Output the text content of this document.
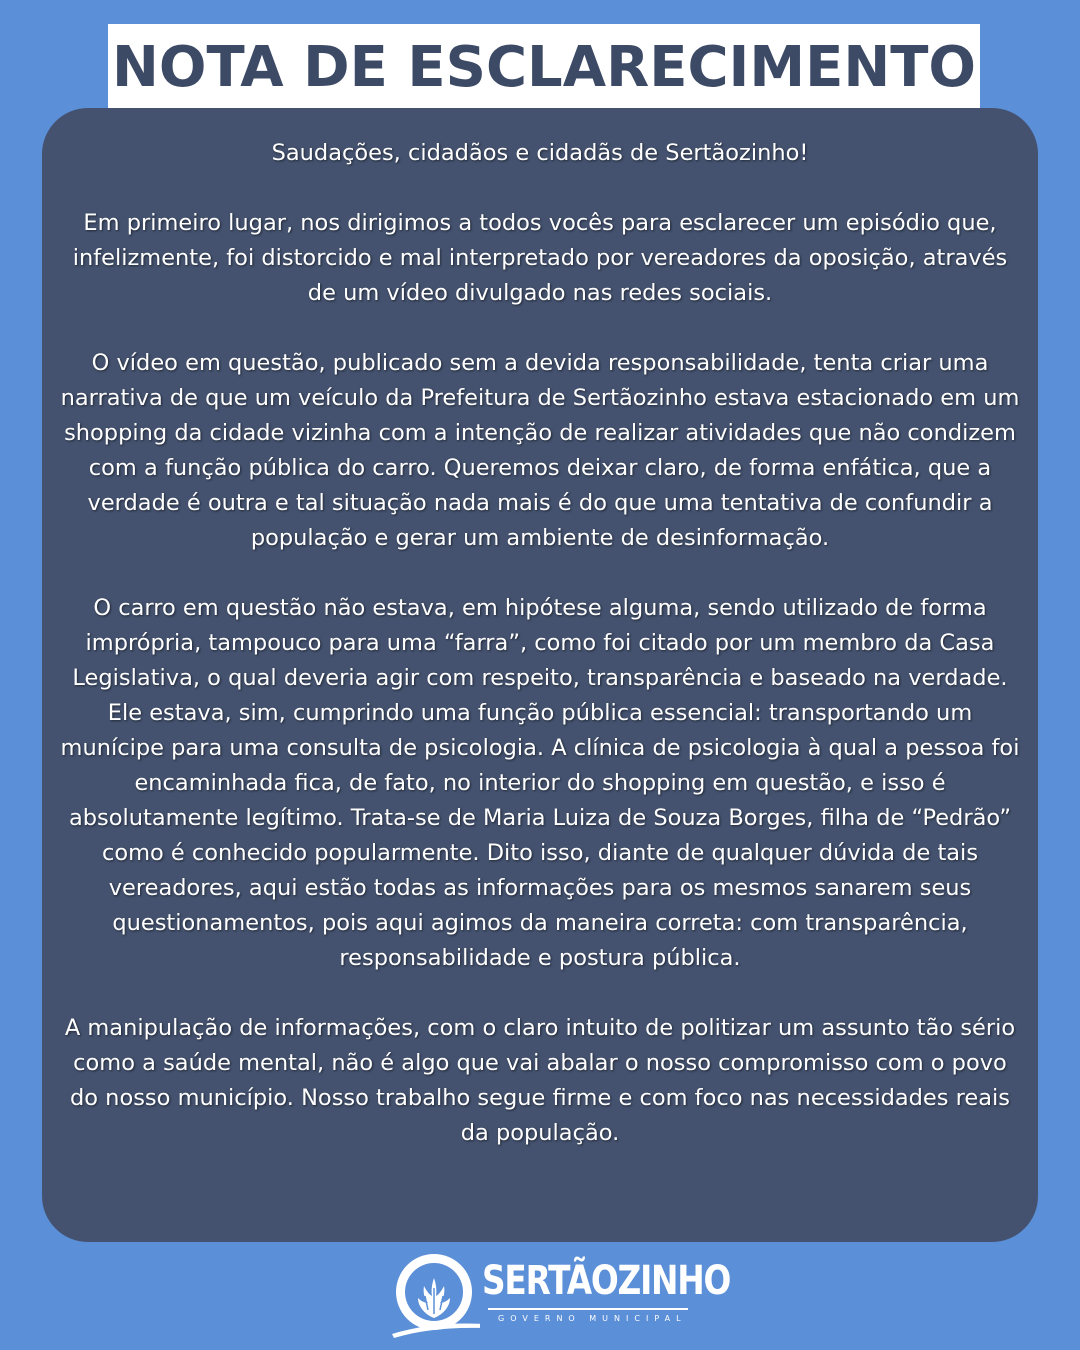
NOTA DE ESCLARECIMENTO

Saudações, cidadãos e cidadãs de Sertãozinho!

Em primeiro lugar, nos dirigimos a todos vocês para esclarecer um episódio que, infelizmente, foi distorcido e mal interpretado por vereadores da oposição, através de um vídeo divulgado nas redes sociais.

O vídeo em questão, publicado sem a devida responsabilidade, tenta criar uma narrativa de que um veículo da Prefeitura de Sertãozinho estava estacionado em um shopping da cidade vizinha com a intenção de realizar atividades que não condizem com a função pública do carro. Queremos deixar claro, de forma enfática, que a verdade é outra e tal situação nada mais é do que uma tentativa de confundir a população e gerar um ambiente de desinformação.

O carro em questão não estava, em hipótese alguma, sendo utilizado de forma imprópria, tampouco para uma “farra”, como foi citado por um membro da Casa Legislativa, o qual deveria agir com respeito, transparência e baseado na verdade. Ele estava, sim, cumprindo uma função pública essencial: transportando um munícipe para uma consulta de psicologia. A clínica de psicologia à qual a pessoa foi encaminhada fica, de fato, no interior do shopping em questão, e isso é absolutamente legítimo. Trata-se de Maria Luiza de Souza Borges, filha de “Pedrão” como é conhecido popularmente. Dito isso, diante de qualquer dúvida de tais vereadores, aqui estão todas as informações para os mesmos sanarem seus questionamentos, pois aqui agimos da maneira correta: com transparência, responsabilidade e postura pública.

A manipulação de informações, com o claro intuito de politizar um assunto tão sério como a saúde mental, não é algo que vai abalar o nosso compromisso com o povo do nosso município. Nosso trabalho segue firme e com foco nas necessidades reais da população.

SERTÃOZINHO
GOVERNO MUNICIPAL
